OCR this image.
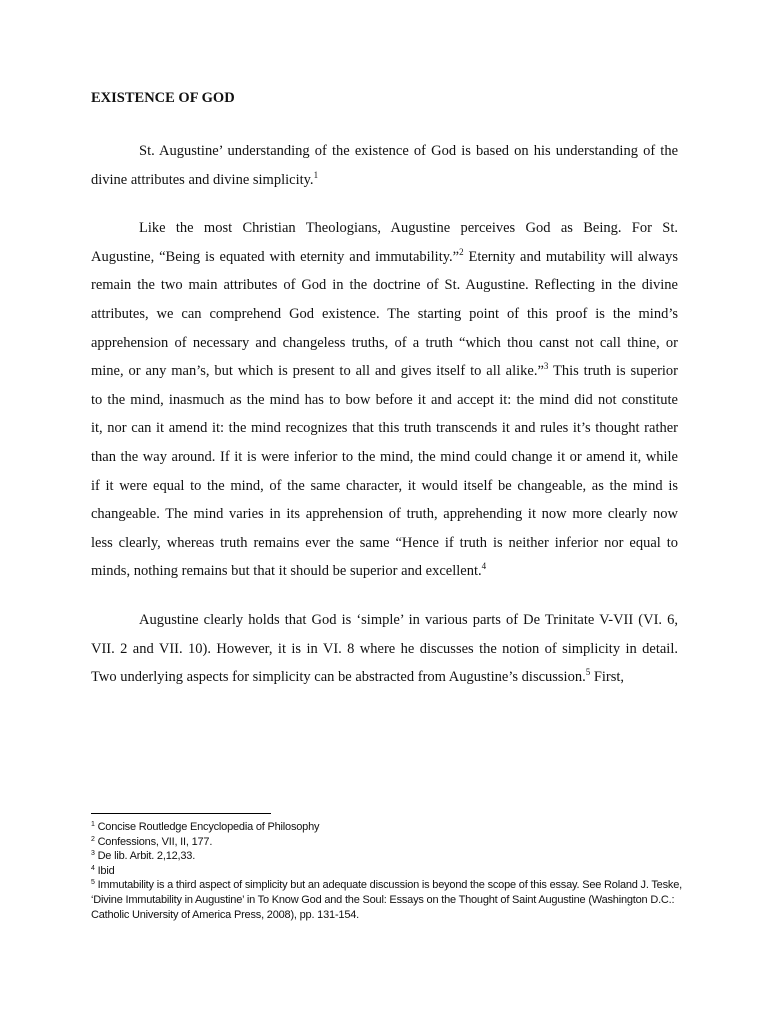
EXISTENCE OF GOD
St. Augustine’ understanding of the existence of God is based on his understanding of the
divine attributes and divine simplicity.$^1$
Like the most Christian Theologians, Augustine perceives God as Being. For St.
Augustine, “Being is equated with eternity and immutability.”$^2$ Eternity and mutability will always
remain the two main attributes of God in the doctrine of St. Augustine. Reflecting in the divine
attributes, we can comprehend God existence. The starting point of this proof is the mind’s
apprehension of necessary and changeless truths, of a truth “which thou canst not call thine, or
mine, or any man’s, but which is present to all and gives itself to all alike.”$^3$ This truth is superior
to the mind, inasmuch as the mind has to bow before it and accept it: the mind did not constitute
it, nor can it amend it: the mind recognizes that this truth transcends it and rules it’s thought rather
than the way around. If it is were inferior to the mind, the mind could change it or amend it, while
if it were equal to the mind, of the same character, it would itself be changeable, as the mind is
changeable. The mind varies in its apprehension of truth, apprehending it now more clearly now
less clearly, whereas truth remains ever the same “Hence if truth is neither inferior nor equal to
minds, nothing remains but that it should be superior and excellent.$^4$
Augustine clearly holds that God is ‘simple’ in various parts of De Trinitate V-VII (VI. 6,
VII. 2 and VII. 10). However, it is in VI. 8 where he discusses the notion of simplicity in detail.
Two underlying aspects for simplicity can be abstracted from Augustine’s discussion.$^5$ First,
$^1$ Concise Routledge Encyclopedia of Philosophy
$^2$ Confessions, VII, II, 177.
$^3$ De lib. Arbit. 2,12,33.
$^4$ Ibid
$^5$ Immutability is a third aspect of simplicity but an adequate discussion is beyond the scope of this essay. See Roland J. Teske, ‘Divine Immutability in Augustine’ in To Know God and the Soul: Essays on the Thought of Saint Augustine (Washington D.C.: Catholic University of America Press, 2008), pp. 131-154.
